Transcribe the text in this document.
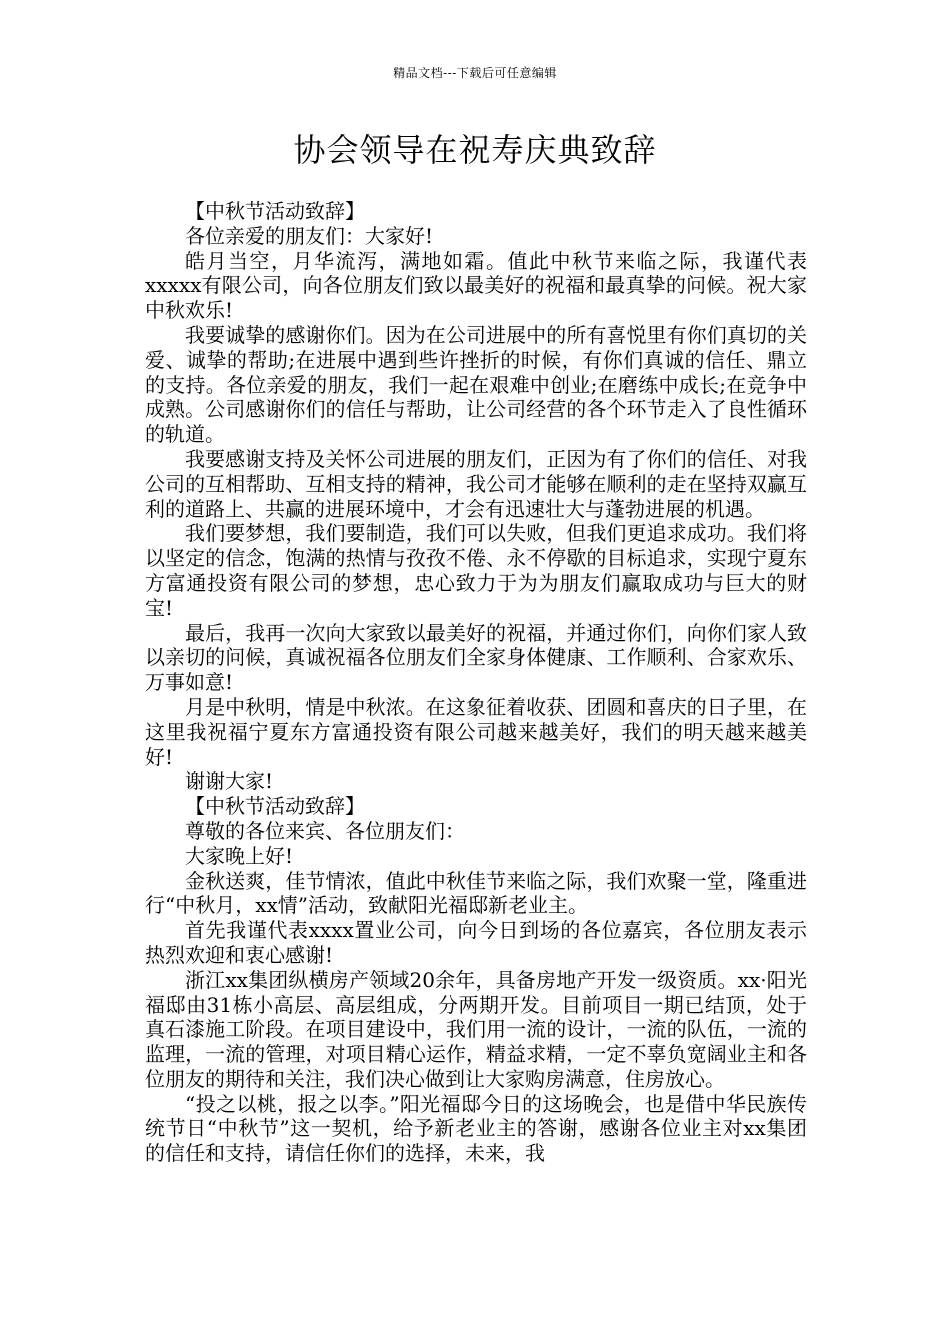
精品文档---下载后可任意编辑
协会领导在祝寿庆典致辞

【中秋节活动致辞】

各位亲爱的朋友们：大家好!

皓月当空，月华流泻，满地如霜。值此中秋节来临之际，我谨代表xxxxx有限公司，向各位朋友们致以最美好的祝福和最真挚的问候。祝大家中秋欢乐!

我要诚挚的感谢你们。因为在公司进展中的所有喜悦里有你们真切的关爱、诚挚的帮助;在进展中遇到些许挫折的时候，有你们真诚的信任、鼎立的支持。各位亲爱的朋友，我们一起在艰难中创业;在磨练中成长;在竞争中成熟。公司感谢你们的信任与帮助，让公司经营的各个环节走入了良性循环的轨道。

我要感谢支持及关怀公司进展的朋友们，正因为有了你们的信任、对我公司的互相帮助、互相支持的精神，我公司才能够在顺利的走在坚持双赢互利的道路上、共赢的进展环境中，才会有迅速壮大与蓬勃进展的机遇。

我们要梦想，我们要制造，我们可以失败，但我们更追求成功。我们将以坚定的信念，饱满的热情与孜孜不倦、永不停歇的目标追求，实现宁夏东方富通投资有限公司的梦想，忠心致力于为为朋友们赢取成功与巨大的财宝!

最后，我再一次向大家致以最美好的祝福，并通过你们，向你们家人致以亲切的问候，真诚祝福各位朋友们全家身体健康、工作顺利、合家欢乐、万事如意!

月是中秋明，情是中秋浓。在这象征着收获、团圆和喜庆的日子里，在这里我祝福宁夏东方富通投资有限公司越来越美好，我们的明天越来越美好!

谢谢大家!

【中秋节活动致辞】

尊敬的各位来宾、各位朋友们：

大家晚上好!

金秋送爽，佳节情浓，值此中秋佳节来临之际，我们欢聚一堂，隆重进行“中秋月，xx情”活动，致献阳光福邸新老业主。

首先我谨代表xxxx置业公司，向今日到场的各位嘉宾，各位朋友表示热烈欢迎和衷心感谢!

浙江xx集团纵横房产领域20余年，具备房地产开发一级资质。xx·阳光福邸由31栋小高层、高层组成，分两期开发。目前项目一期已结顶，处于真石漆施工阶段。在项目建设中，我们用一流的设计，一流的队伍，一流的监理，一流的管理，对项目精心运作，精益求精，一定不辜负宽阔业主和各位朋友的期待和关注，我们决心做到让大家购房满意，住房放心。

“投之以桃，报之以李。”阳光福邸今日的这场晚会，也是借中华民族传统节日“中秋节”这一契机，给予新老业主的答谢，感谢各位业主对xx集团的信任和支持，请信任你们的选择，未来，我
